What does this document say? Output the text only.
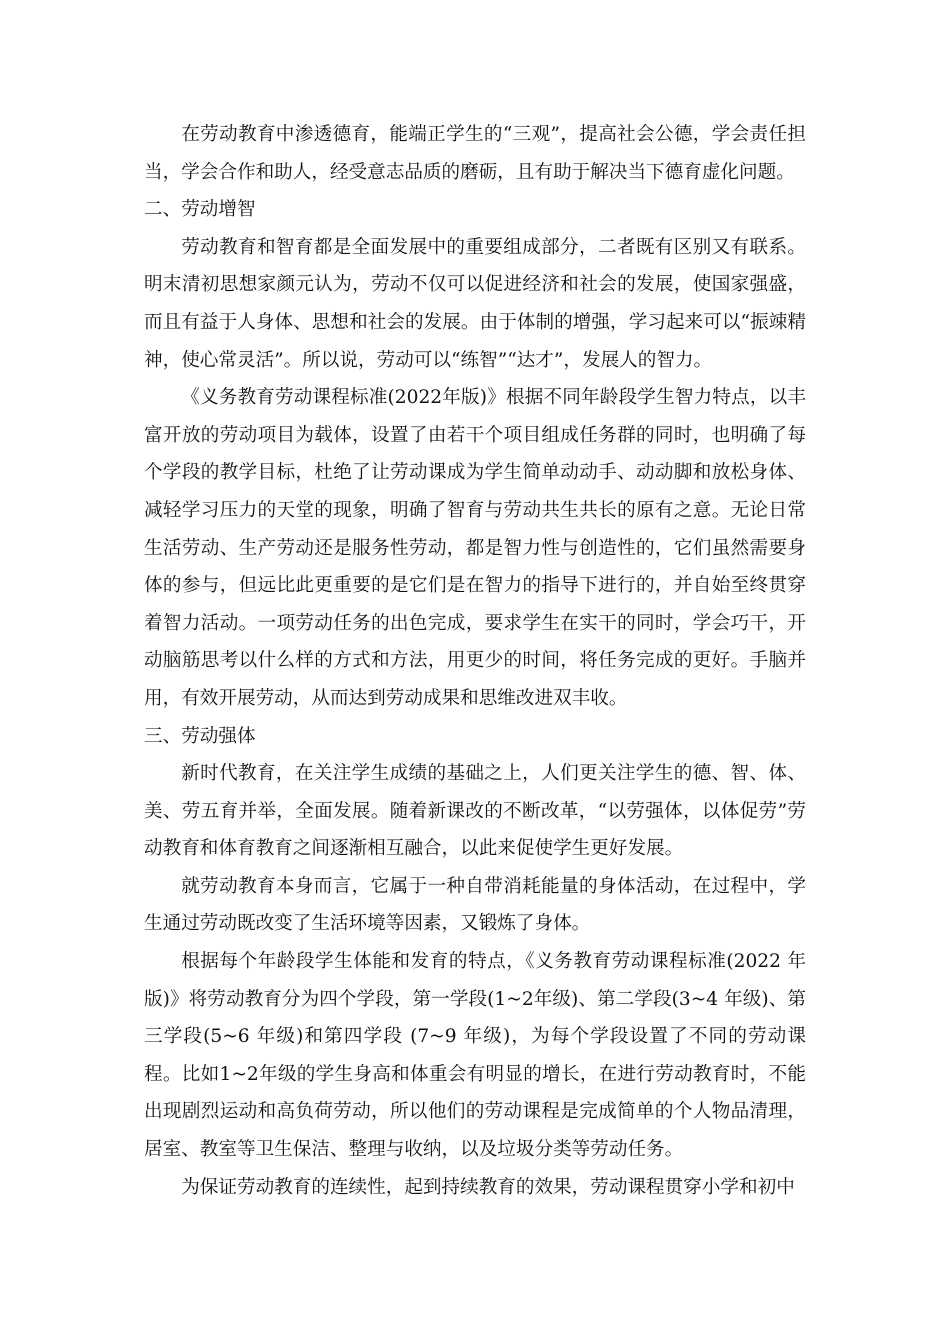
在劳动教育中渗透德育，能端正学生的“三观”，提高社会公德，学会责任担当，学会合作和助人，经受意志品质的磨砺，且有助于解决当下德育虚化问题。

二、劳动增智

劳动教育和智育都是全面发展中的重要组成部分，二者既有区别又有联系。明末清初思想家颜元认为，劳动不仅可以促进经济和社会的发展，使国家强盛，而且有益于人身体、思想和社会的发展。由于体制的增强，学习起来可以“振竦精神，使心常灵活”。所以说，劳动可以“练智”“达才”，发展人的智力。

《义务教育劳动课程标准(2022年版)》根据不同年龄段学生智力特点，以丰富开放的劳动项目为载体，设置了由若干个项目组成任务群的同时，也明确了每个学段的教学目标，杜绝了让劳动课成为学生简单动动手、动动脚和放松身体、减轻学习压力的天堂的现象，明确了智育与劳动共生共长的原有之意。无论日常生活劳动、生产劳动还是服务性劳动，都是智力性与创造性的，它们虽然需要身体的参与，但远比此更重要的是它们是在智力的指导下进行的，并自始至终贯穿着智力活动。一项劳动任务的出色完成，要求学生在实干的同时，学会巧干，开动脑筋思考以什么样的方式和方法，用更少的时间，将任务完成的更好。手脑并用，有效开展劳动，从而达到劳动成果和思维改进双丰收。

三、劳动强体

新时代教育，在关注学生成绩的基础之上，人们更关注学生的德、智、体、美、劳五育并举，全面发展。随着新课改的不断改革，“以劳强体，以体促劳”劳动教育和体育教育之间逐渐相互融合，以此来促使学生更好发展。

就劳动教育本身而言，它属于一种自带消耗能量的身体活动，在过程中，学生通过劳动既改变了生活环境等因素，又锻炼了身体。

根据每个年龄段学生体能和发育的特点，《义务教育劳动课程标准(2022 年版)》将劳动教育分为四个学段，第一学段(1~2年级)、第二学段(3~4 年级)、第三学段(5~6 年级)和第四学段 (7~9 年级)，为每个学段设置了不同的劳动课程。比如1~2年级的学生身高和体重会有明显的增长，在进行劳动教育时，不能出现剧烈运动和高负荷劳动，所以他们的劳动课程是完成简单的个人物品清理，居室、教室等卫生保洁、整理与收纳，以及垃圾分类等劳动任务。

为保证劳动教育的连续性，起到持续教育的效果，劳动课程贯穿小学和初中
